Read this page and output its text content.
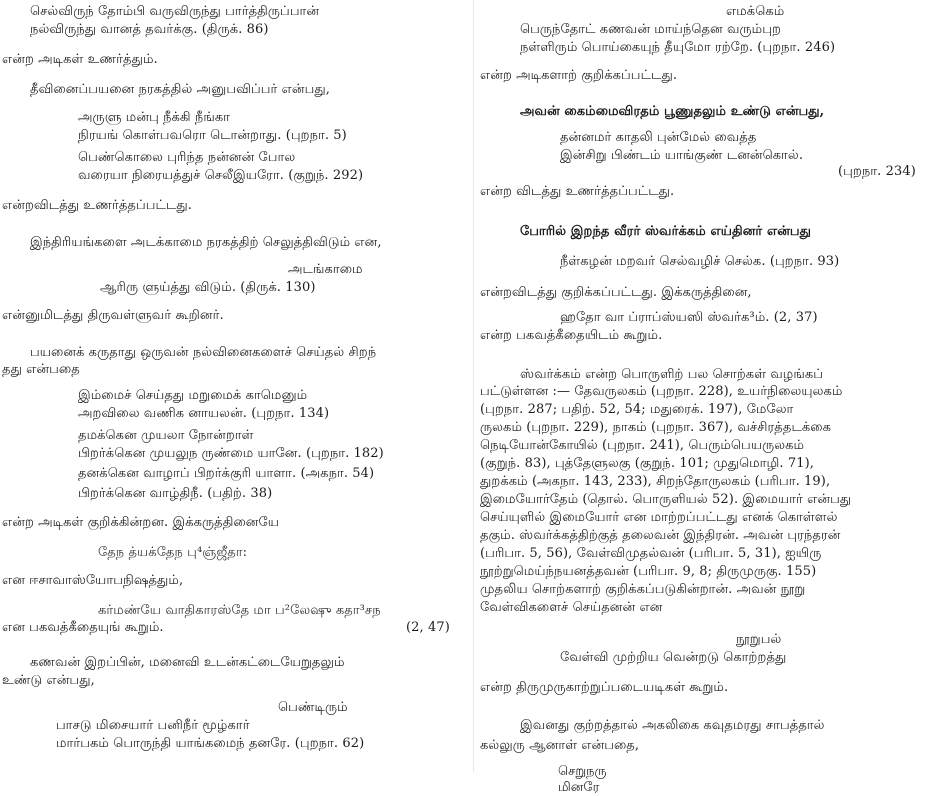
செல்விருந் தோம்பி வருவிருந்து பார்த்திருப்பான்
நல்விருந்து வானத் தவர்க்கு. (திருக். 86)
என்ற அடிகள் உணர்த்தும்.
தீவினைப்பயனை நரகத்தில் அனுபவிப்பர் என்பது,
அருளு மன்பு நீக்கி நீங்கா
நிரயங் கொள்பவரொ டொன்றாது. (புறநா. 5)
பெண்கொலை புரிந்த நன்னன் போல
வரையா நிரையத்துச் செலீஇயரோ. (குறுந். 292)
என்றவிடத்து உணர்த்தப்பட்டது.
இந்திரியங்களை அடக்காமை நரகத்திற் செலுத்திவிடும் என,
அடங்காமை
ஆரிரு ளுய்த்து விடும். (திருக். 130)
என்னுமிடத்து திருவள்ளுவர் கூறினர்.
பயனைக் கருதாது ஒருவன் நல்வினைகளைச் செய்தல் சிறந்
தது என்பதை
இம்மைச் செய்தது மறுமைக் காமெனும்
அறவிலை வணிக னாயலன். (புறநா. 134)
தமக்கென முயலா நோன்றாள்
பிறர்க்கென முயலுந ருண்மை யானே. (புறநா. 182)
தனக்கென வாழாப் பிறர்க்குரி யாளா. (அகநா. 54)
பிறர்க்கென வாழ்திநீ. (பதிற். 38)
என்ற அடிகள் குறிக்கின்றன. இக்கருத்தினையே
தேந த்யக்தேந பு⁴ஞ்ஜீதா:
என ஈசாவாஸ்யோபநிஷத்தும்,
கர்மண்யே வாதிகாரஸ்தே மா ப²லேஷு கதா³சந
என பகவத்கீதையுங் கூறும்.	(2, 47)
கணவன் இறப்பின், மனைவி உடன்கட்டையேறுதலும்
உண்டு என்பது,
பெண்டிரும்
பாசடு மிசையார் பனிநீர் மூழ்கார்
மார்பகம் பொருந்தி யாங்கமைந் தனரே. (புறநா. 62)
எமக்கெம்
பெருந்தோட் கணவன் மாய்ந்தென வரும்புற
நள்ளிரும் பொய்கையுந் தீயுமோ ரற்றே. (புறநா. 246)
என்ற அடிகளாற் குறிக்கப்பட்டது.
அவன் கைம்மைவிரதம் பூணுதலும் உண்டு என்பது,
தன்னமர் காதலி புன்மேல் வைத்த
இன்சிறு பிண்டம் யாங்குண் டனன்கொல்.
(புறநா. 234)
என்ற விடத்து உணர்த்தப்பட்டது.
போரில் இறந்த வீரர் ஸ்வர்க்கம் எய்தினர் என்பது
நீள்கழன் மறவர் செல்வழிச் செல்க. (புறநா. 93)
என்றவிடத்து குறிக்கப்பட்டது. இக்கருத்தினை,
ஹதோ வா ப்ராப்ஸ்யஸி ஸ்வர்க³ம். (2, 37)
என்ற பகவத்கீதையிடம் கூறும்.
ஸ்வர்க்கம் என்ற பொருளிற் பல சொற்கள் வழங்கப்
பட்டுள்ளன :— தேவருலகம் (புறநா. 228), உயர்நிலையுலகம்
(புறநா. 287; பதிற். 52, 54; மதுரைக். 197), மேலோ
ருலகம் (புறநா. 229), நாகம் (புறநா. 367), வச்சிரத்தடக்கை
நெடியோன்கோயில் (புறநா. 241), பெரும்பெயருலகம்
(குறுந். 83), புத்தேளுலகு (குறுந். 101; முதுமொழி. 71),
துறக்கம் (அகநா. 143, 233), சிறந்தோருலகம் (பரிபா. 19),
இமையோர்தேம் (தொல். பொருளியல் 52). இமையார் என்பது
செய்யுளில் இமையோர் என மாற்றப்பட்டது எனக் கொள்ளல்
தகும். ஸ்வர்க்கத்திற்குத் தலைவன் இந்திரன். அவன் புரந்தரன்
(பரிபா. 5, 56), வேள்விமுதல்வன் (பரிபா. 5, 31), ஐயிரு
நூற்றுமெய்ந்நயனத்தவன் (பரிபா. 9, 8; திருமுருகு. 155)
முதலிய சொற்களாற் குறிக்கப்படுகின்றான். அவன் நூறு
வேள்விகளைச் செய்தனன் என
நூறுபல்
வேள்வி முற்றிய வென்றடு கொற்றத்து
என்ற திருமுருகாற்றுப்படையடிகள் கூறும்.
இவனது குற்றத்தால் அகலிகை கவுதமரது சாபத்தால்
கல்லுரு ஆனாள் என்பதை,
செறுநரு மினரே
